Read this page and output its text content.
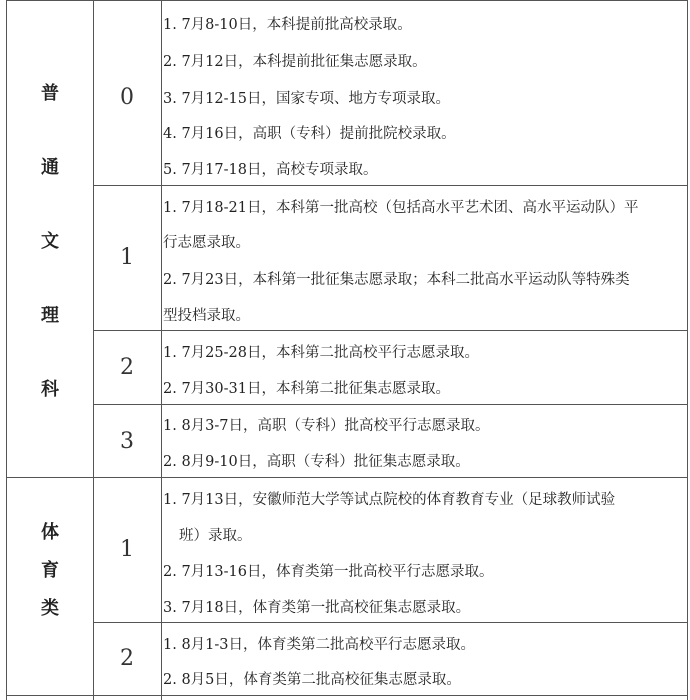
普
通
文
理
科
0
1. 7月8-10日，本科提前批高校录取。
2. 7月12日，本科提前批征集志愿录取。
3. 7月12-15日，国家专项、地方专项录取。
4. 7月16日，高职（专科）提前批院校录取。
5. 7月17-18日，高校专项录取。
1
1. 7月18-21日，本科第一批高校（包括高水平艺术团、高水平运动队）平
行志愿录取。
2. 7月23日，本科第一批征集志愿录取；本科二批高水平运动队等特殊类
型投档录取。
2
1. 7月25-28日，本科第二批高校平行志愿录取。
2. 7月30-31日，本科第二批征集志愿录取。
3
1. 8月3-7日，高职（专科）批高校平行志愿录取。
2. 8月9-10日，高职（专科）批征集志愿录取。
体
育
类
1
1. 7月13日，安徽师范大学等试点院校的体育教育专业（足球教师试验
班）录取。
2. 7月13-16日，体育类第一批高校平行志愿录取。
3. 7月18日，体育类第一批高校征集志愿录取。
2
1. 8月1-3日，体育类第二批高校平行志愿录取。
2. 8月5日，体育类第二批高校征集志愿录取。
